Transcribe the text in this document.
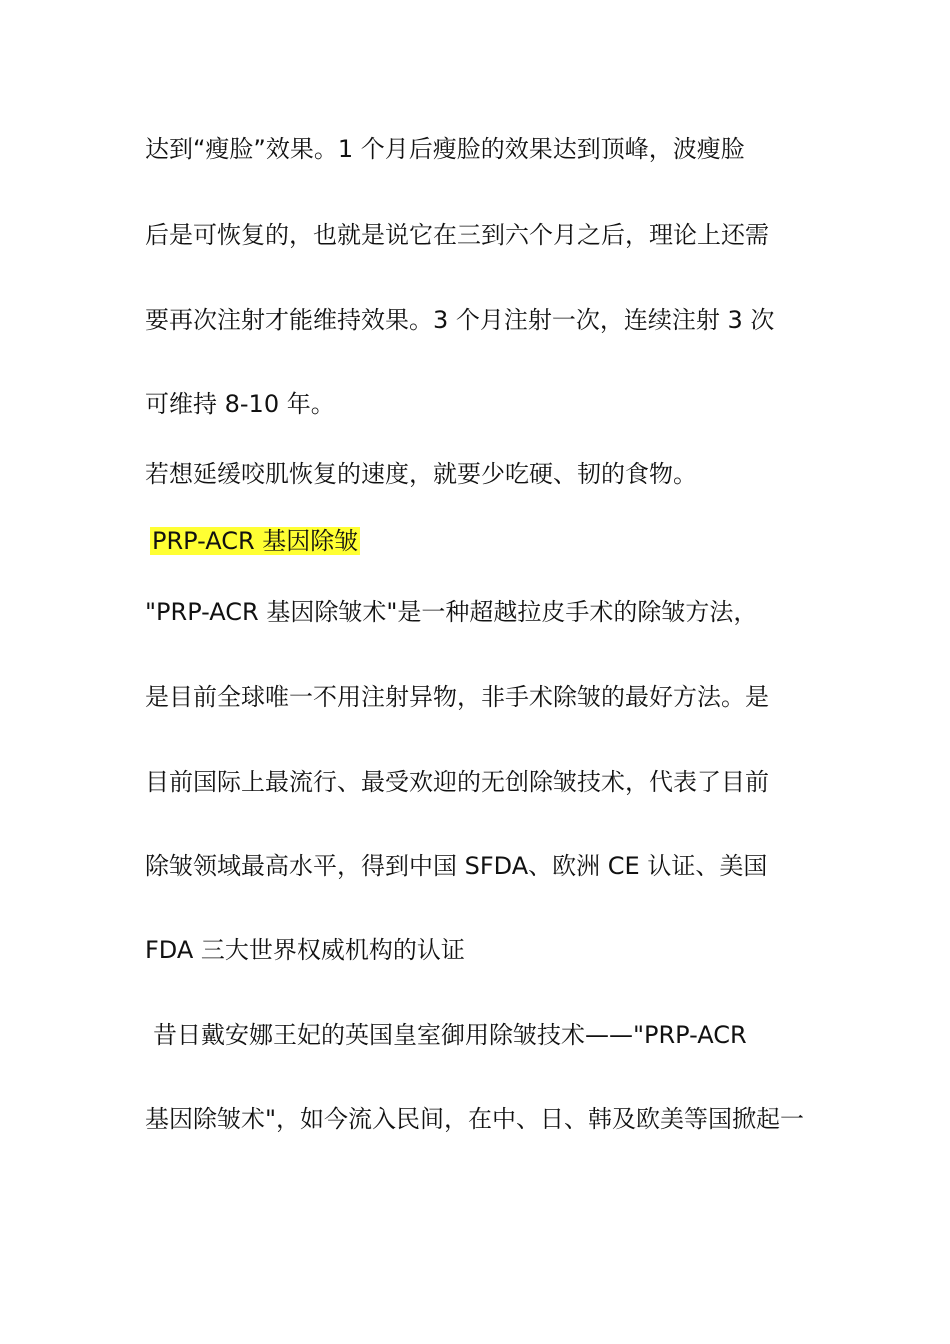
达到“瘦脸”效果。1 个月后瘦脸的效果达到顶峰，波瘦脸
后是可恢复的，也就是说它在三到六个月之后，理论上还需
要再次注射才能维持效果。3 个月注射一次，连续注射 3 次
可维持 8-10 年。
若想延缓咬肌恢复的速度，就要少吃硬、韧的食物。
PRP-ACR 基因除皱
"PRP-ACR 基因除皱术"是一种超越拉皮手术的除皱方法，
是目前全球唯一不用注射异物，非手术除皱的最好方法。是
目前国际上最流行、最受欢迎的无创除皱技术，代表了目前
除皱领域最高水平，得到中国 SFDA、欧洲 CE 认证、美国
FDA 三大世界权威机构的认证
昔日戴安娜王妃的英国皇室御用除皱技术——"PRP-ACR
基因除皱术"，如今流入民间，在中、日、韩及欧美等国掀起一
